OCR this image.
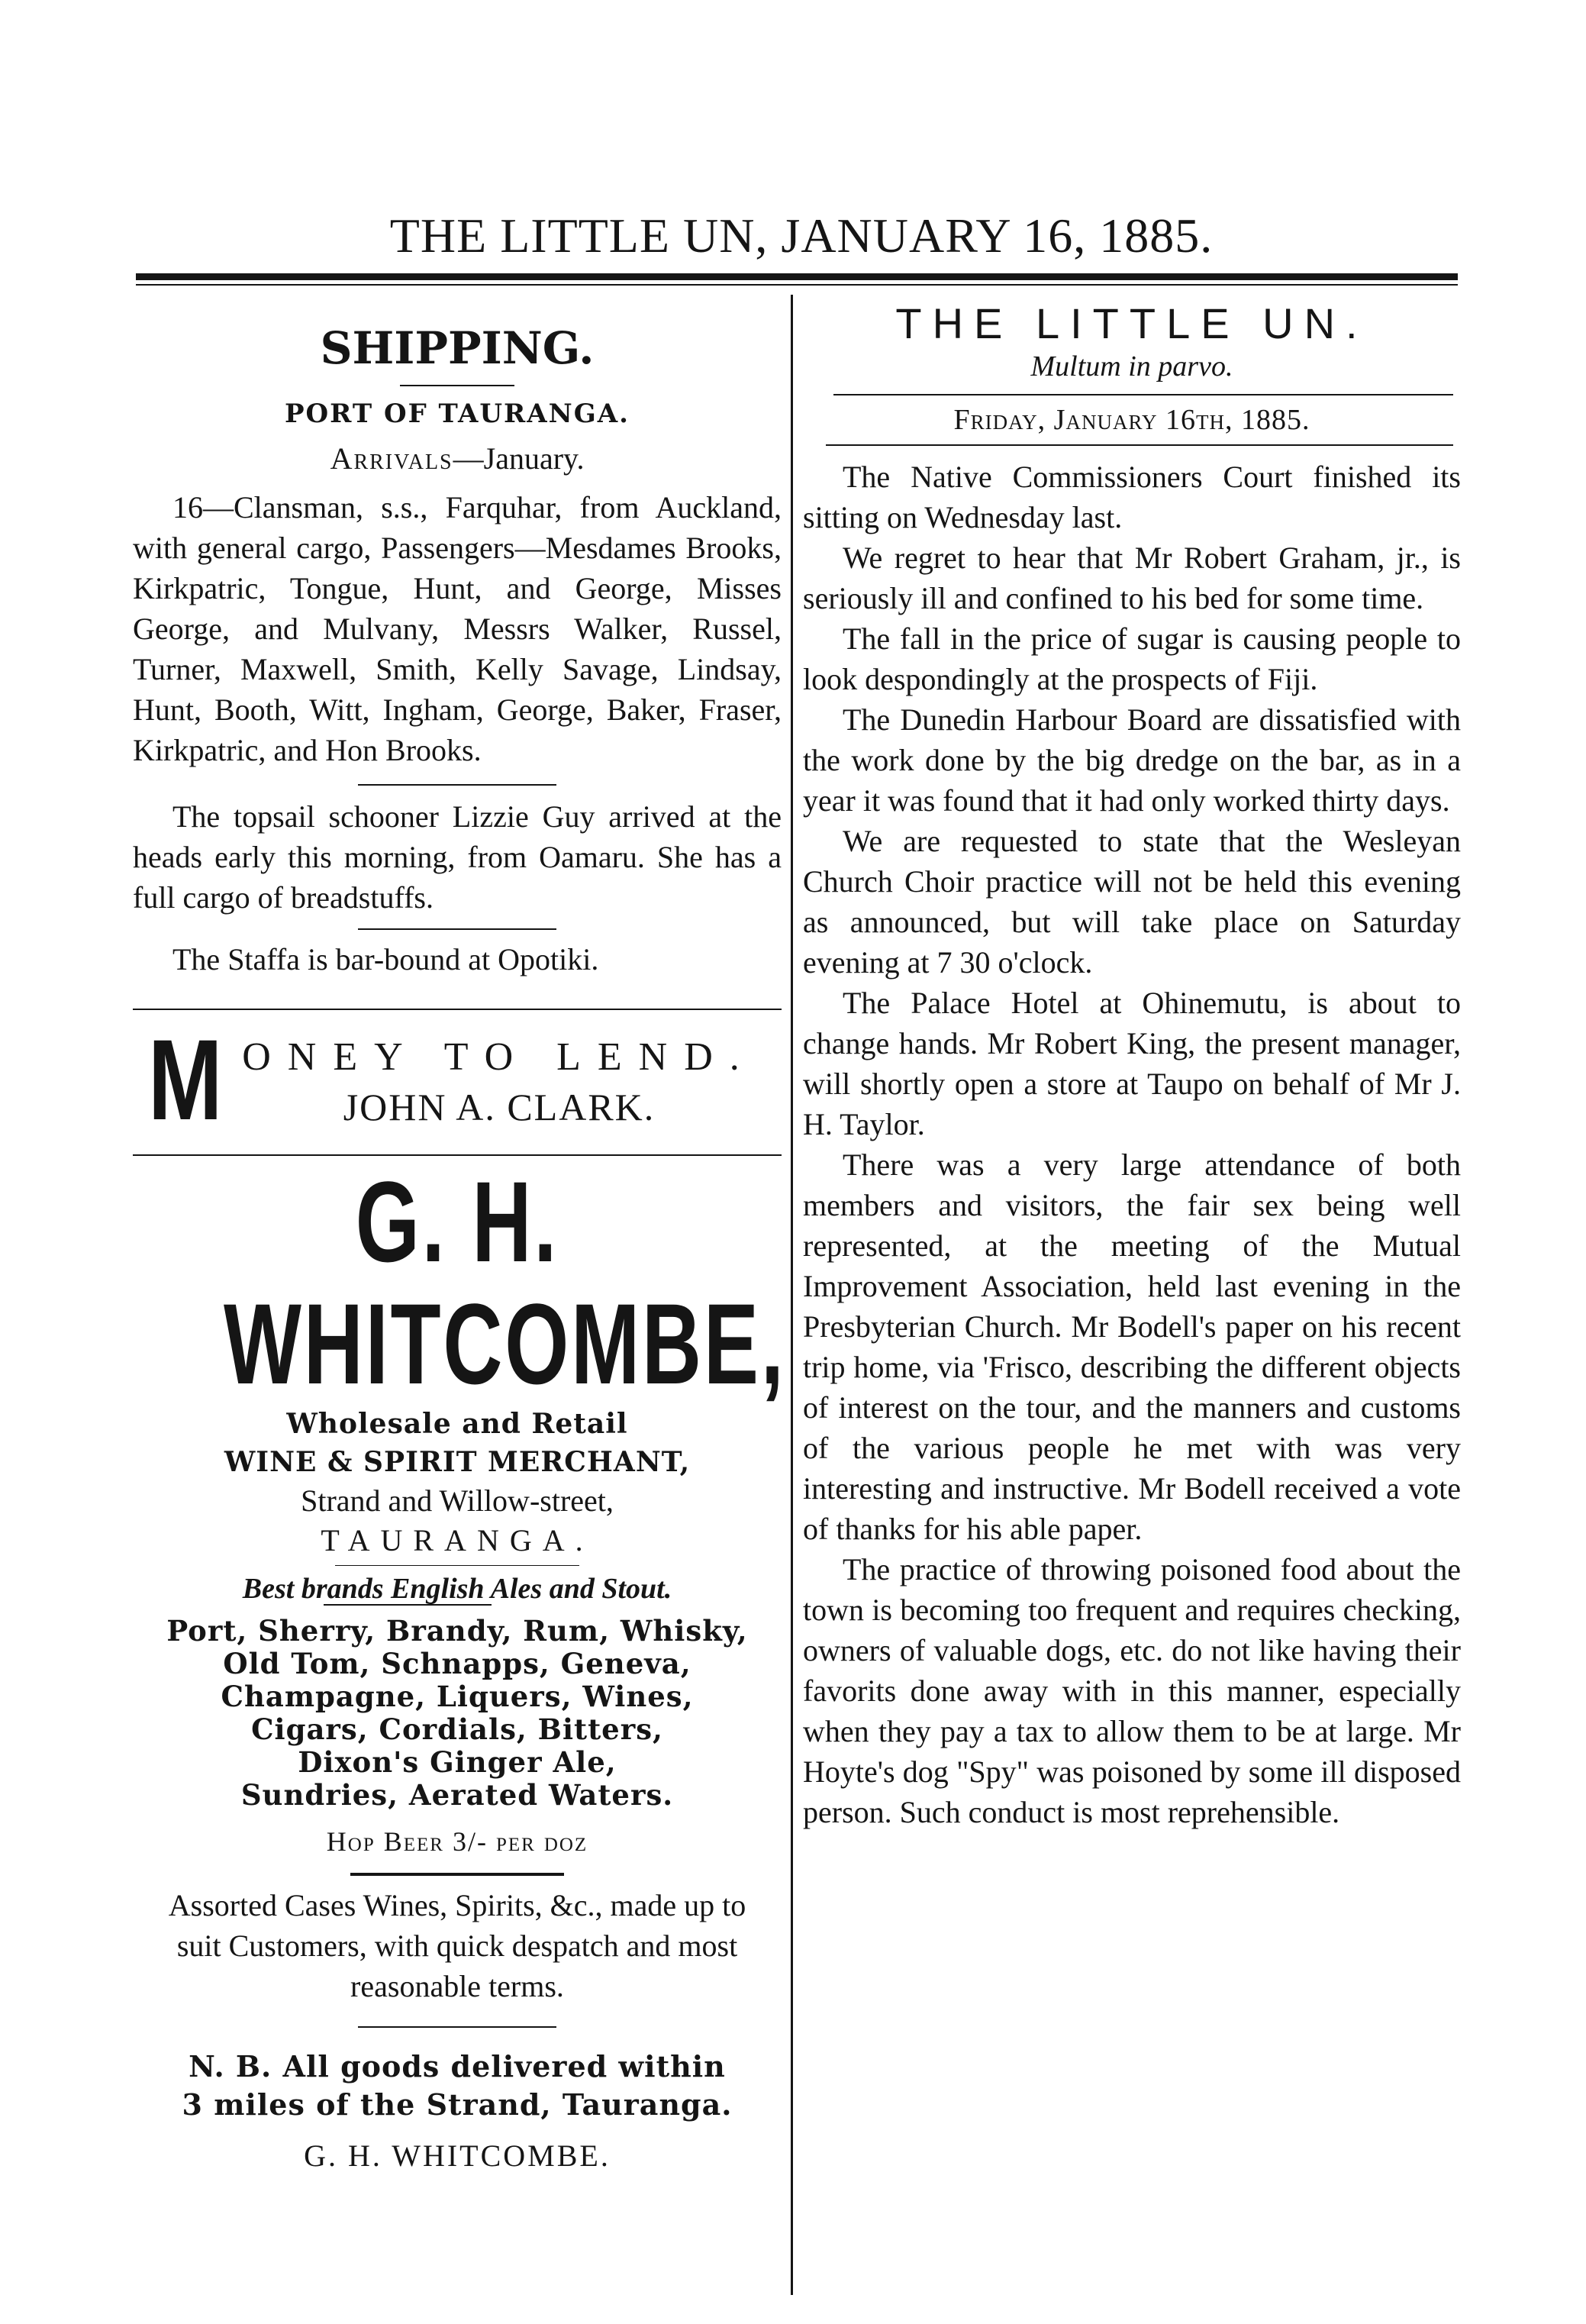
THE LITTLE UN, JANUARY 16, 1885.
SHIPPING.
PORT OF TAURANGA.
Arrivals—January.

16—Clansman, s.s., Farquhar, from Auckland, with general cargo, Passengers—Mesdames Brooks, Kirkpatric, Tongue, Hunt, and George, Misses George, and Mulvany, Messrs Walker, Russel, Turner, Maxwell, Smith, Kelly Savage, Lindsay, Hunt, Booth, Witt, Ingham, George, Baker, Fraser, Kirkpatric, and Hon Brooks.

The topsail schooner Lizzie Guy arrived at the heads early this morning, from Oamaru. She has a full cargo of breadstuffs.

The Staffa is bar-bound at Opotiki.

M ONEY TO LEND.
JOHN A. CLARK.
G. H. WHITCOMBE,
Wholesale and Retail
WINE & SPIRIT MERCHANT,
Strand and Willow-street,
TAURANGA.
Best brands English Ales and Stout.
Port, Sherry, Brandy, Rum, Whisky,
Old Tom, Schnapps, Geneva,
Champagne, Liquers, Wines,
Cigars, Cordials, Bitters,
Dixon's Ginger Ale,
Sundries, Aerated Waters.
Hop Beer 3/- per doz

Assorted Cases Wines, Spirits, &c., made up to suit Customers, with quick despatch and most reasonable terms.

N. B. All goods delivered within
3 miles of the Strand, Tauranga.
G. H. WHITCOMBE.
THE LITTLE UN.
Multum in parvo.
Friday, January 16th, 1885.

The Native Commissioners Court finished its sitting on Wednesday last.

We regret to hear that Mr Robert Graham, jr., is seriously ill and confined to his bed for some time.

The fall in the price of sugar is causing people to look despondingly at the prospects of Fiji.

The Dunedin Harbour Board are dissatisfied with the work done by the big dredge on the bar, as in a year it was found that it had only worked thirty days.

We are requested to state that the Wesleyan Church Choir practice will not be held this evening as announced, but will take place on Saturday evening at 7 30 o'clock.

The Palace Hotel at Ohinemutu, is about to change hands. Mr Robert King, the present manager, will shortly open a store at Taupo on behalf of Mr J. H. Taylor.

There was a very large attendance of both members and visitors, the fair sex being well represented, at the meeting of the Mutual Improvement Association, held last evening in the Presbyterian Church. Mr Bodell's paper on his recent trip home, via 'Frisco, describing the different objects of interest on the tour, and the manners and customs of the various people he met with was very interesting and instructive. Mr Bodell received a vote of thanks for his able paper.

The practice of throwing poisoned food about the town is becoming too frequent and requires checking, owners of valuable dogs, etc. do not like having their favorits done away with in this manner, especially when they pay a tax to allow them to be at large. Mr Hoyte's dog "Spy" was poisoned by some ill disposed person. Such conduct is most reprehensible.
